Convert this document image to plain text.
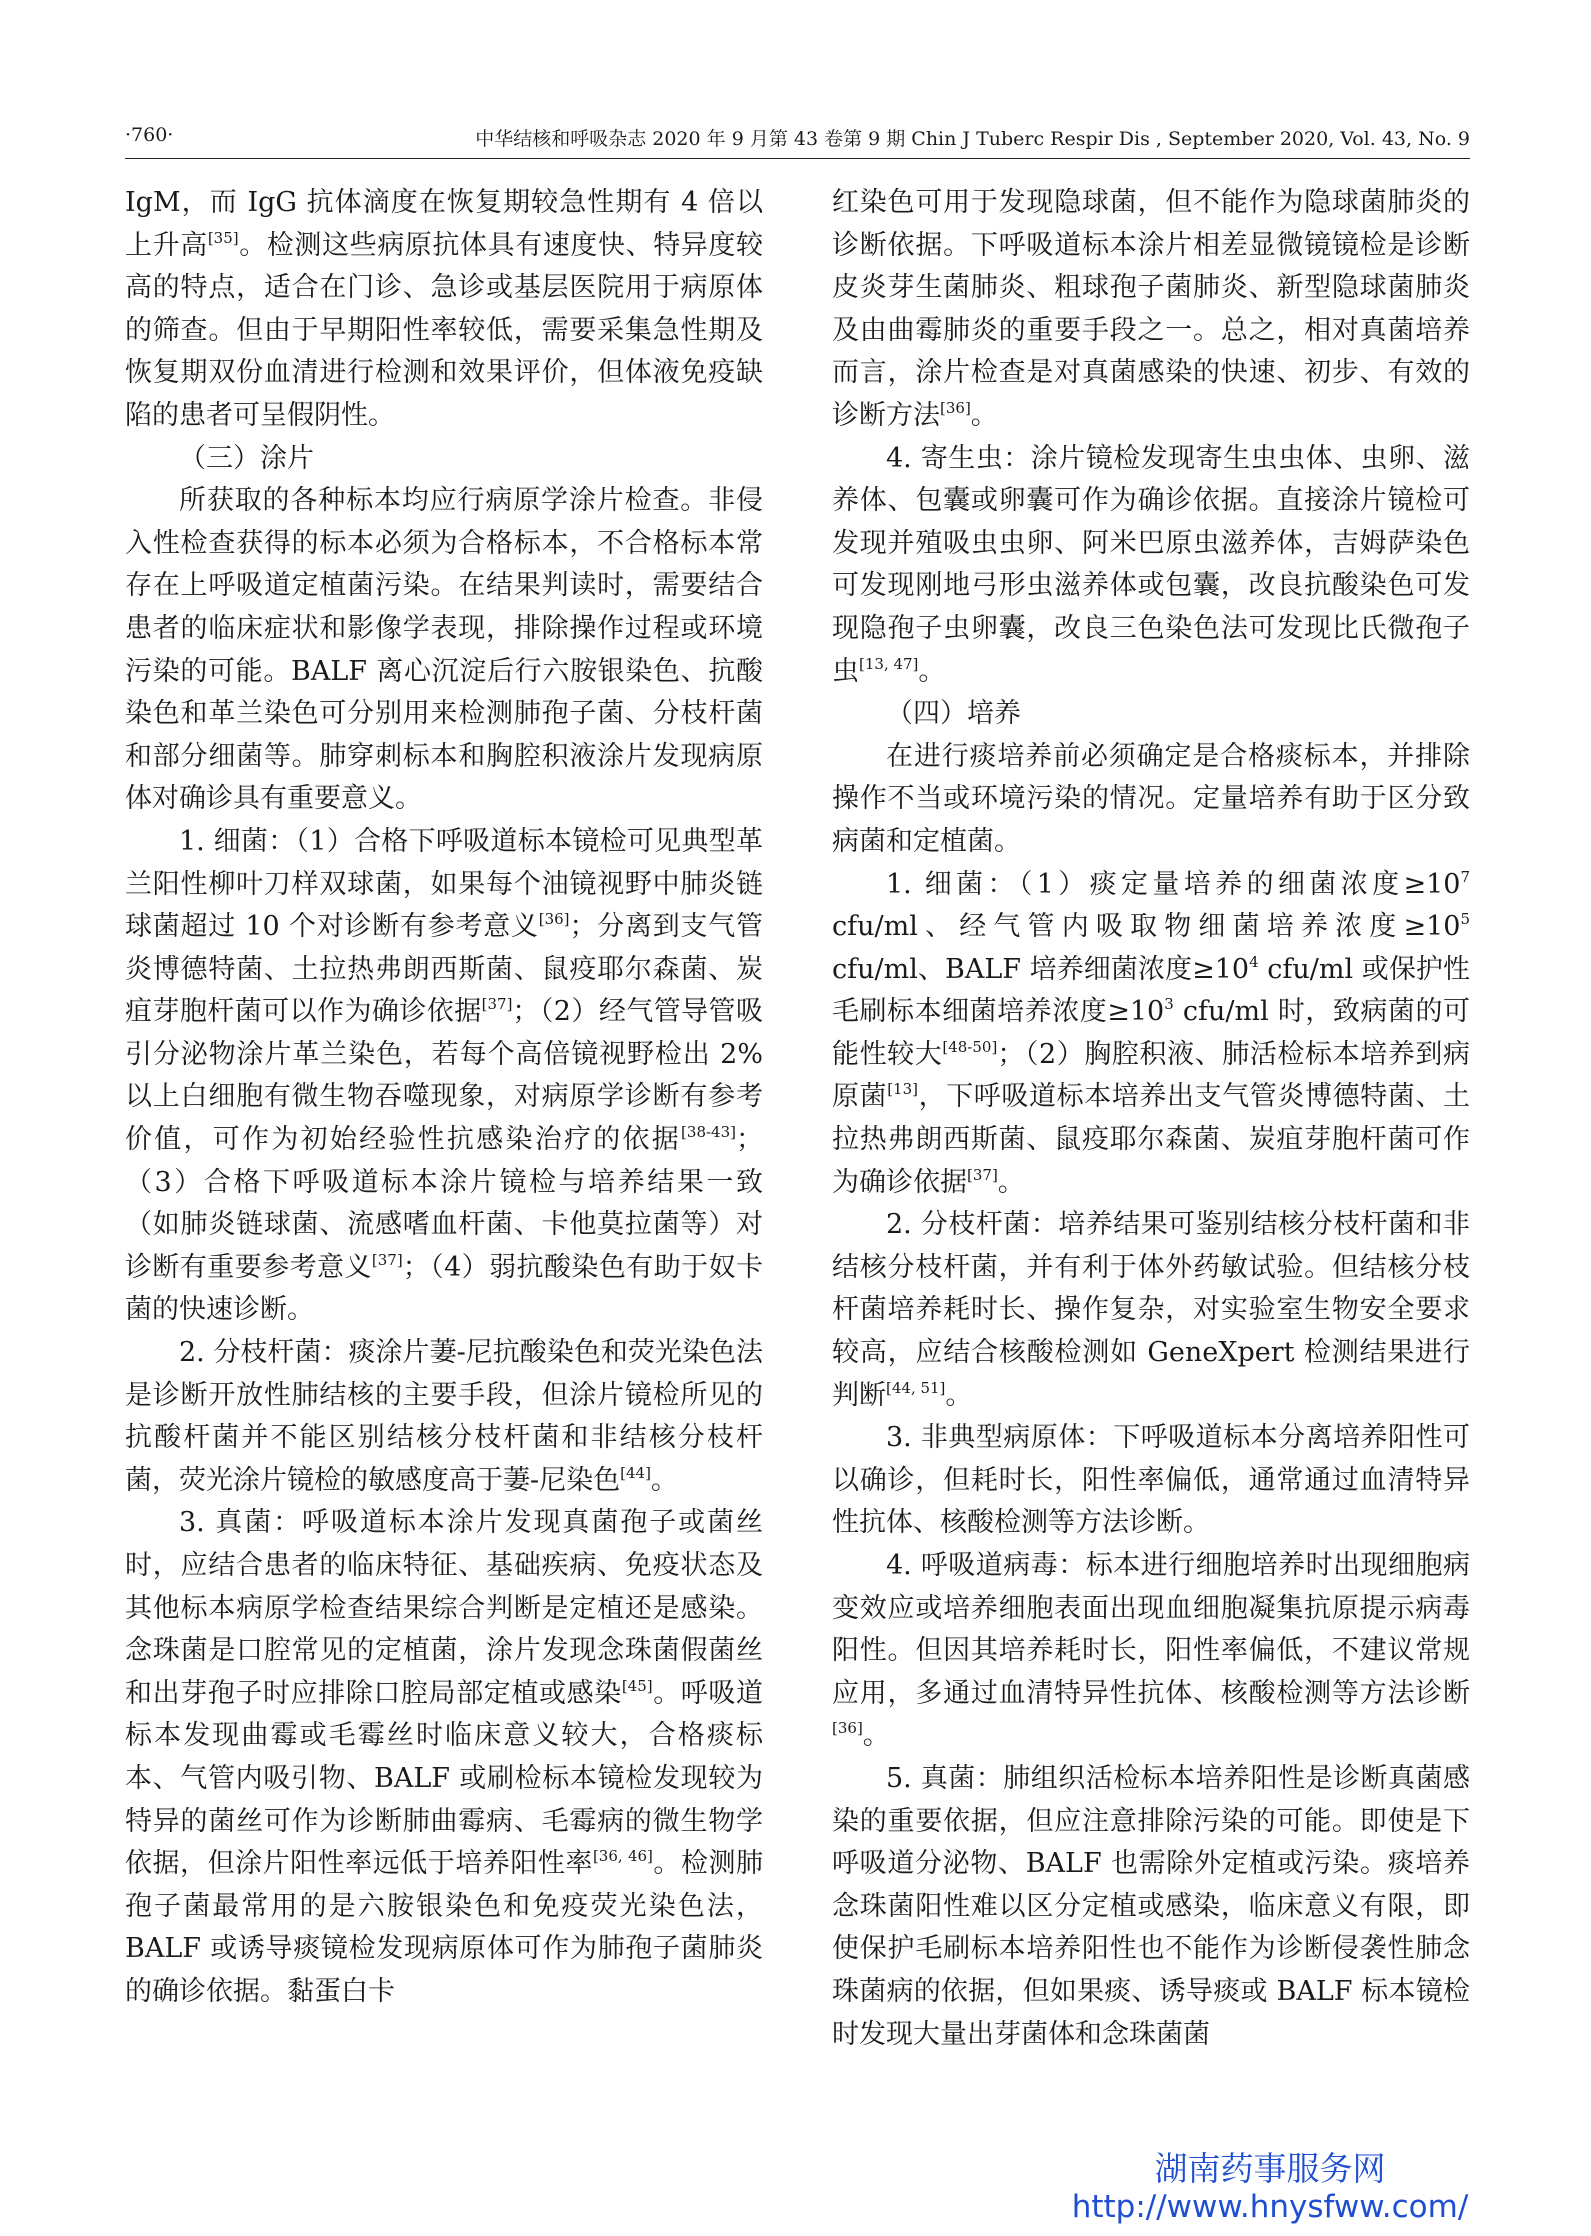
·760·	中华结核和呼吸杂志 2020 年 9 月第 43 卷第 9 期 Chin J Tuberc Respir Dis , September 2020, Vol. 43, No. 9

IgM，而 IgG 抗体滴度在恢复期较急性期有 4 倍以上升高[35]。检测这些病原抗体具有速度快、特异度较高的特点，适合在门诊、急诊或基层医院用于病原体的筛查。但由于早期阳性率较低，需要采集急性期及恢复期双份血清进行检测和效果评价，但体液免疫缺陷的患者可呈假阴性。

（三）涂片

所获取的各种标本均应行病原学涂片检查。非侵入性检查获得的标本必须为合格标本，不合格标本常存在上呼吸道定植菌污染。在结果判读时，需要结合患者的临床症状和影像学表现，排除操作过程或环境污染的可能。BALF 离心沉淀后行六胺银染色、抗酸染色和革兰染色可分别用来检测肺孢子菌、分枝杆菌和部分细菌等。肺穿刺标本和胸腔积液涂片发现病原体对确诊具有重要意义。

1. 细菌：（1）合格下呼吸道标本镜检可见典型革兰阳性柳叶刀样双球菌，如果每个油镜视野中肺炎链球菌超过 10 个对诊断有参考意义[36]；分离到支气管炎博德特菌、土拉热弗朗西斯菌、鼠疫耶尔森菌、炭疽芽胞杆菌可以作为确诊依据[37]；（2）经气管导管吸引分泌物涂片革兰染色，若每个高倍镜视野检出 2% 以上白细胞有微生物吞噬现象，对病原学诊断有参考价值，可作为初始经验性抗感染治疗的依据[38-43]；（3）合格下呼吸道标本涂片镜检与培养结果一致（如肺炎链球菌、流感嗜血杆菌、卡他莫拉菌等）对诊断有重要参考意义[37]；（4）弱抗酸染色有助于奴卡菌的快速诊断。

2. 分枝杆菌：痰涂片萋-尼抗酸染色和荧光染色法是诊断开放性肺结核的主要手段，但涂片镜检所见的抗酸杆菌并不能区别结核分枝杆菌和非结核分枝杆菌，荧光涂片镜检的敏感度高于萋-尼染色[44]。

3. 真菌：呼吸道标本涂片发现真菌孢子或菌丝时，应结合患者的临床特征、基础疾病、免疫状态及其他标本病原学检查结果综合判断是定植还是感染。念珠菌是口腔常见的定植菌，涂片发现念珠菌假菌丝和出芽孢子时应排除口腔局部定植或感染[45]。呼吸道标本发现曲霉或毛霉丝时临床意义较大，合格痰标本、气管内吸引物、BALF 或刷检标本镜检发现较为特异的菌丝可作为诊断肺曲霉病、毛霉病的微生物学依据，但涂片阳性率远低于培养阳性率[36, 46]。检测肺孢子菌最常用的是六胺银染色和免疫荧光染色法，BALF 或诱导痰镜检发现病原体可作为肺孢子菌肺炎的确诊依据。黏蛋白卡

红染色可用于发现隐球菌，但不能作为隐球菌肺炎的诊断依据。下呼吸道标本涂片相差显微镜镜检是诊断皮炎芽生菌肺炎、粗球孢子菌肺炎、新型隐球菌肺炎及由曲霉肺炎的重要手段之一。总之，相对真菌培养而言，涂片检查是对真菌感染的快速、初步、有效的诊断方法[36]。

4. 寄生虫：涂片镜检发现寄生虫虫体、虫卵、滋养体、包囊或卵囊可作为确诊依据。直接涂片镜检可发现并殖吸虫虫卵、阿米巴原虫滋养体，吉姆萨染色可发现刚地弓形虫滋养体或包囊，改良抗酸染色可发现隐孢子虫卵囊，改良三色染色法可发现比氏微孢子虫[13, 47]。

（四）培养

在进行痰培养前必须确定是合格痰标本，并排除操作不当或环境污染的情况。定量培养有助于区分致病菌和定植菌。

1. 细菌：（1）痰定量培养的细菌浓度$\ge 10^7$ cfu/ml、经气管内吸取物细菌培养浓度$\ge 10^5$ cfu/ml、BALF 培养细菌浓度$\ge 10^4$ cfu/ml 或保护性毛刷标本细菌培养浓度$\ge 10^3$ cfu/ml 时，致病菌的可能性较大[48-50]；（2）胸腔积液、肺活检标本培养到病原菌[13]，下呼吸道标本培养出支气管炎博德特菌、土拉热弗朗西斯菌、鼠疫耶尔森菌、炭疽芽胞杆菌可作为确诊依据[37]。

2. 分枝杆菌：培养结果可鉴别结核分枝杆菌和非结核分枝杆菌，并有利于体外药敏试验。但结核分枝杆菌培养耗时长、操作复杂，对实验室生物安全要求较高，应结合核酸检测如 GeneXpert 检测结果进行判断[44, 51]。

3. 非典型病原体：下呼吸道标本分离培养阳性可以确诊，但耗时长，阳性率偏低，通常通过血清特异性抗体、核酸检测等方法诊断。

4. 呼吸道病毒：标本进行细胞培养时出现细胞病变效应或培养细胞表面出现血细胞凝集抗原提示病毒阳性。但因其培养耗时长，阳性率偏低，不建议常规应用，多通过血清特异性抗体、核酸检测等方法诊断[36]。

5. 真菌：肺组织活检标本培养阳性是诊断真菌感染的重要依据，但应注意排除污染的可能。即使是下呼吸道分泌物、BALF 也需除外定植或污染。痰培养念珠菌阳性难以区分定植或感染，临床意义有限，即使保护毛刷标本培养阳性也不能作为诊断侵袭性肺念珠菌病的依据，但如果痰、诱导痰或 BALF 标本镜检时发现大量出芽菌体和念珠菌菌

湖南药事服务网
http://www.hnysfww.com/
